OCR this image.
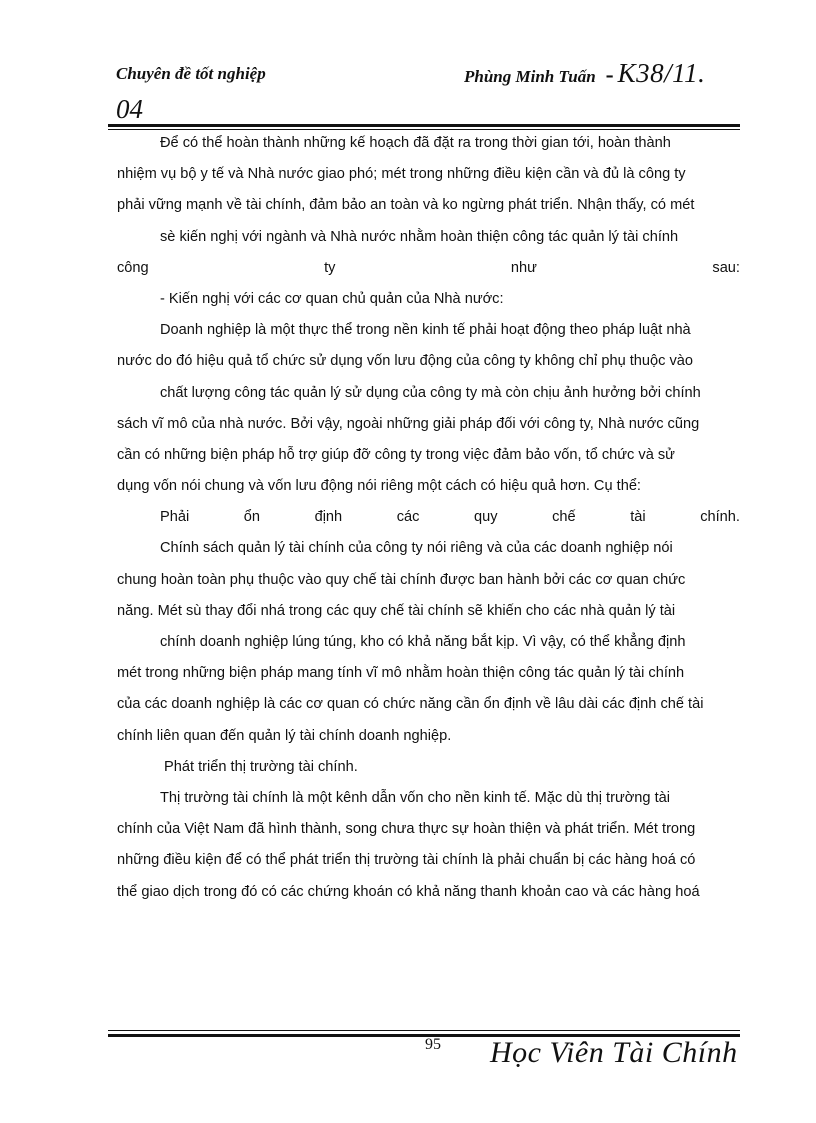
Chuyên đề tốt nghiệp	Phùng Minh Tuấn - K38/11.
04
Để có thể hoàn thành những kế hoạch đã đặt ra trong thời gian tới, hoàn thành
nhiệm vụ bộ y tế và Nhà nước giao phó; mét trong những điều kiện cần và đủ là công ty
phải vững mạnh về tài chính, đảm bảo an toàn và ko ngừng phát triển. Nhận thấy, có mét
sè kiến nghị với ngành và Nhà nước nhằm hoàn thiện công tác quản lý tài chính
công	ty	như	sau:
- Kiến nghị với các cơ quan chủ quản của Nhà nước:
Doanh nghiệp là một thực thể trong nền kinh tế phải hoạt động theo pháp luật nhà
nước do đó hiệu quả tổ chức sử dụng vốn lưu động của công ty không chỉ phụ thuộc vào
chất lượng công tác quản lý sử dụng của công ty mà còn chịu ảnh hưởng bởi chính
sách vĩ mô của nhà nước. Bởi vậy, ngoài những giải pháp đối với công ty, Nhà nước cũng
cần có những biện pháp hỗ trợ giúp đỡ công ty trong việc đảm bảo vốn, tổ chức và sử
dụng vốn nói chung và vốn lưu động nói riêng một cách có hiệu quả hơn. Cụ thể:
Phải	ổn	định	các	quy	chế	tài	chính.
Chính sách quản lý tài chính của công ty nói riêng và của các doanh nghiệp nói
chung hoàn toàn phụ thuộc vào quy chế tài chính được ban hành bởi các cơ quan chức
năng. Mét sù thay đổi nhá trong các quy chế tài chính sẽ khiến cho các nhà quản lý tài
chính doanh nghiệp lúng túng, kho có khả năng bắt kịp. Vì vậy, có thể khẳng định
mét trong những biện pháp mang tính vĩ mô nhằm hoàn thiện công tác quản lý tài chính
của các doanh nghiệp là các cơ quan có chức năng cần ổn định về lâu dài các định chế tài
chính liên quan đến quản lý tài chính doanh nghiệp.
Phát triển thị trường tài chính.
Thị trường tài chính là một kênh dẫn vốn cho nền kinh tế. Mặc dù thị trường tài
chính của Việt Nam đã hình thành, song chưa thực sự hoàn thiện và phát triển. Mét trong
những điều kiện để có thể phát triển thị trường tài chính là phải chuẩn bị các hàng hoá có
thể giao dịch trong đó có các chứng khoán có khả năng thanh khoản cao và các hàng hoá
95 Học Viên Tài Chính
